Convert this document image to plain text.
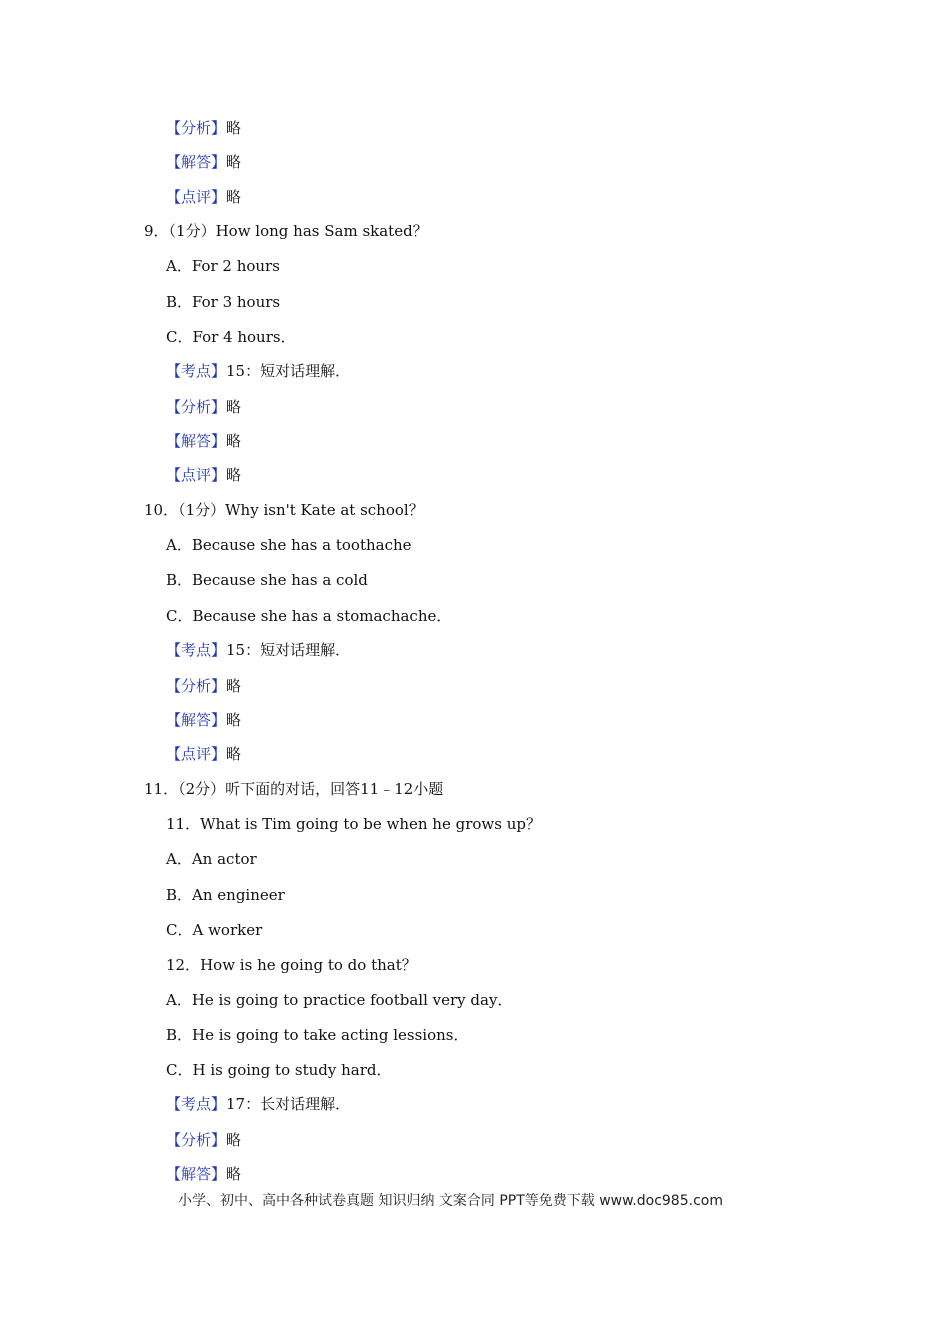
【分析】略
【解答】略
【点评】略
9．（1分）How long has Sam skated？
A．For 2 hours
B．For 3 hours
C．For 4 hours．
【考点】15：短对话理解．
【分析】略
【解答】略
【点评】略
10．（1分）Why isn't Kate at school？
A．Because she has a toothache
B．Because she has a cold
C．Because she has a stomachache．
【考点】15：短对话理解．
【分析】略
【解答】略
【点评】略
11．（2分）听下面的对话，回答11﹣12小题
11．What is Tim going to be when he grows up？
A．An actor
B．An engineer
C．A worker
12．How is he going to do that？
A．He is going to practice football very day．
B．He is going to take acting lessions．
C．H is going to study hard．
【考点】17：长对话理解．
【分析】略
【解答】略
小学、初中、高中各种试卷真题 知识归纳 文案合同 PPT等免费下载 www.doc985.com
